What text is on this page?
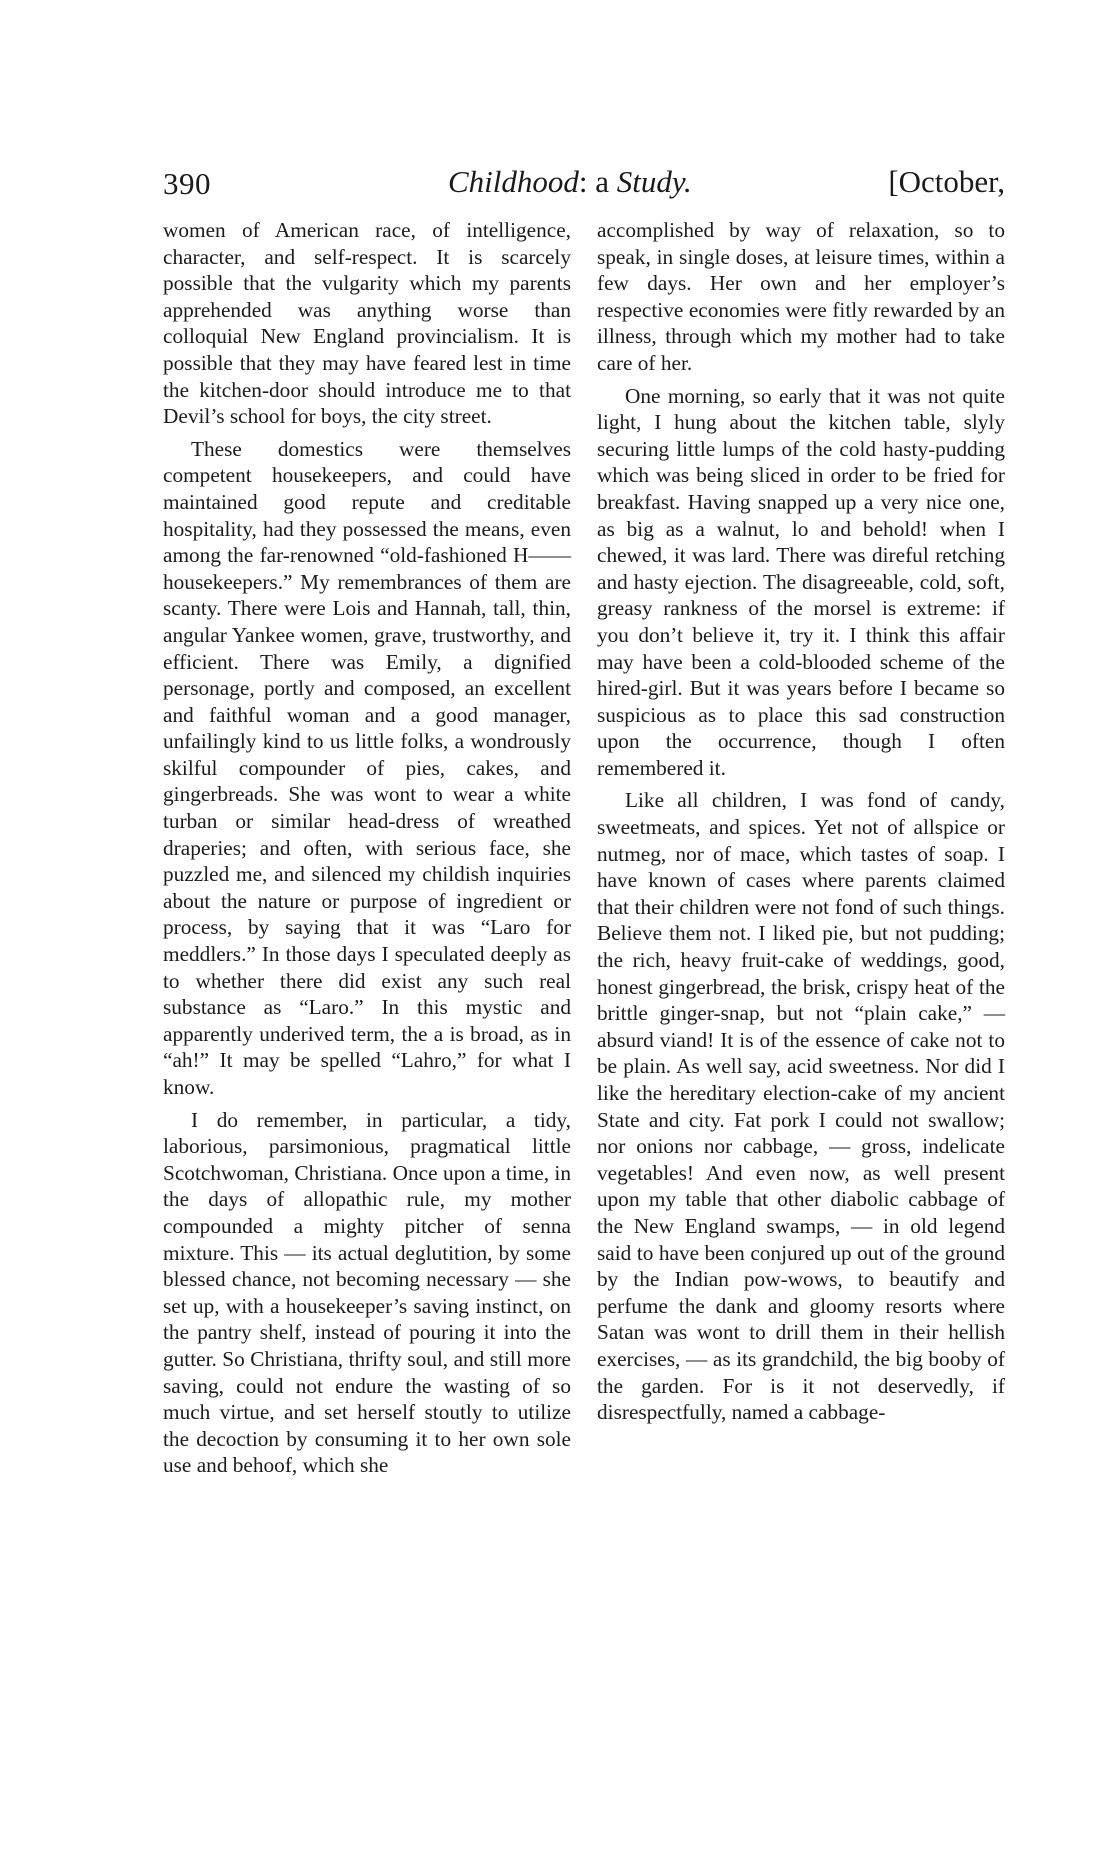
390	Childhood: a Study.	[October,

women of American race, of intelligence, character, and self-respect. It is scarcely possible that the vulgarity which my parents apprehended was anything worse than colloquial New England provincialism. It is possible that they may have feared lest in time the kitchen-door should introduce me to that Devil’s school for boys, the city street.

These domestics were themselves competent housekeepers, and could have maintained good repute and creditable hospitality, had they possessed the means, even among the far-renowned “old-fashioned H—— housekeepers.” My remembrances of them are scanty. There were Lois and Hannah, tall, thin, angular Yankee women, grave, trustworthy, and efficient. There was Emily, a dignified personage, portly and composed, an excellent and faithful woman and a good manager, unfailingly kind to us little folks, a wondrously skilful compounder of pies, cakes, and gingerbreads. She was wont to wear a white turban or similar head-dress of wreathed draperies; and often, with serious face, she puzzled me, and silenced my childish inquiries about the nature or purpose of ingredient or process, by saying that it was “Laro for meddlers.” In those days I speculated deeply as to whether there did exist any such real substance as “Laro.” In this mystic and apparently underived term, the a is broad, as in “ah!” It may be spelled “Lahro,” for what I know.

I do remember, in particular, a tidy, laborious, parsimonious, pragmatical little Scotchwoman, Christiana. Once upon a time, in the days of allopathic rule, my mother compounded a mighty pitcher of senna mixture. This — its actual deglutition, by some blessed chance, not becoming necessary — she set up, with a housekeeper’s saving instinct, on the pantry shelf, instead of pouring it into the gutter. So Christiana, thrifty soul, and still more saving, could not endure the wasting of so much virtue, and set herself stoutly to utilize the decoction by consuming it to her own sole use and behoof, which she

accomplished by way of relaxation, so to speak, in single doses, at leisure times, within a few days. Her own and her employer’s respective economies were fitly rewarded by an illness, through which my mother had to take care of her.

One morning, so early that it was not quite light, I hung about the kitchen table, slyly securing little lumps of the cold hasty-pudding which was being sliced in order to be fried for breakfast. Having snapped up a very nice one, as big as a walnut, lo and behold! when I chewed, it was lard. There was direful retching and hasty ejection. The disagreeable, cold, soft, greasy rankness of the morsel is extreme: if you don’t believe it, try it. I think this affair may have been a cold-blooded scheme of the hired-girl. But it was years before I became so suspicious as to place this sad construction upon the occurrence, though I often remembered it.

Like all children, I was fond of candy, sweetmeats, and spices. Yet not of allspice or nutmeg, nor of mace, which tastes of soap. I have known of cases where parents claimed that their children were not fond of such things. Believe them not. I liked pie, but not pudding; the rich, heavy fruit-cake of weddings, good, honest gingerbread, the brisk, crispy heat of the brittle ginger-snap, but not “plain cake,” — absurd viand! It is of the essence of cake not to be plain. As well say, acid sweetness. Nor did I like the hereditary election-cake of my ancient State and city. Fat pork I could not swallow; nor onions nor cabbage, — gross, indelicate vegetables! And even now, as well present upon my table that other diabolic cabbage of the New England swamps, — in old legend said to have been conjured up out of the ground by the Indian pow-wows, to beautify and perfume the dank and gloomy resorts where Satan was wont to drill them in their hellish exercises, — as its grandchild, the big booby of the garden. For is it not deservedly, if disrespectfully, named a cabbage-
